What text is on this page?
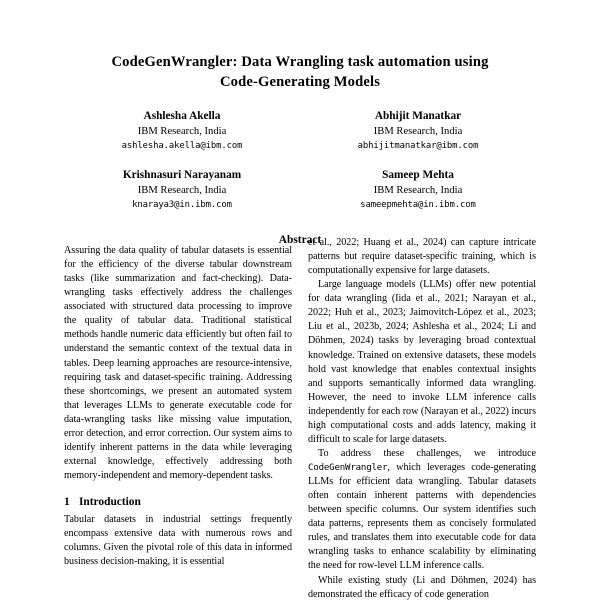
CodeGenWrangler: Data Wrangling task automation using
Code-Generating Models
Ashlesha Akella
IBM Research, India
ashlesha.akella@ibm.com
Abhijit Manatkar
IBM Research, India
abhijitmanatkar@ibm.com
Krishnasuri Narayanam
IBM Research, India
knaraya3@in.ibm.com
Sameep Mehta
IBM Research, India
sameepmehta@in.ibm.com
Abstract

Assuring the data quality of tabular datasets is essential for the efficiency of the diverse tabular downstream tasks (like summarization and fact-checking). Data-wrangling tasks effectively address the challenges associated with structured data processing to improve the quality of tabular data. Traditional statistical methods handle numeric data efficiently but often fail to understand the semantic context of the textual data in tables. Deep learning approaches are resource-intensive, requiring task and dataset-specific training. Addressing these shortcomings, we present an automated system that leverages LLMs to generate executable code for data-wrangling tasks like missing value imputation, error detection, and error correction. Our system aims to identify inherent patterns in the data while leveraging external knowledge, effectively addressing both memory-independent and memory-dependent tasks.

1 Introduction

Tabular datasets in industrial settings frequently encompass extensive data with numerous rows and columns. Given the pivotal role of this data in informed business decision-making, it is essential

et al., 2022; Huang et al., 2024) can capture intricate patterns but require dataset-specific training, which is computationally expensive for large datasets.

Large language models (LLMs) offer new potential for data wrangling (Iida et al., 2021; Narayan et al., 2022; Huh et al., 2023; Jaimovitch-López et al., 2023; Liu et al., 2023b, 2024; Ashlesha et al., 2024; Li and Döhmen, 2024) tasks by leveraging broad contextual knowledge. Trained on extensive datasets, these models hold vast knowledge that enables contextual insights and supports semantically informed data wrangling. However, the need to invoke LLM inference calls independently for each row (Narayan et al., 2022) incurs high computational costs and adds latency, making it difficult to scale for large datasets.

To address these challenges, we introduce CodeGenWrangler, which leverages code-generating LLMs for efficient data wrangling. Tabular datasets often contain inherent patterns with dependencies between specific columns. Our system identifies such data patterns, represents them as concisely formulated rules, and translates them into executable code for data wrangling tasks to enhance scalability by eliminating the need for row-level LLM inference calls.

While existing study (Li and Döhmen, 2024) has demonstrated the efficacy of code generation
